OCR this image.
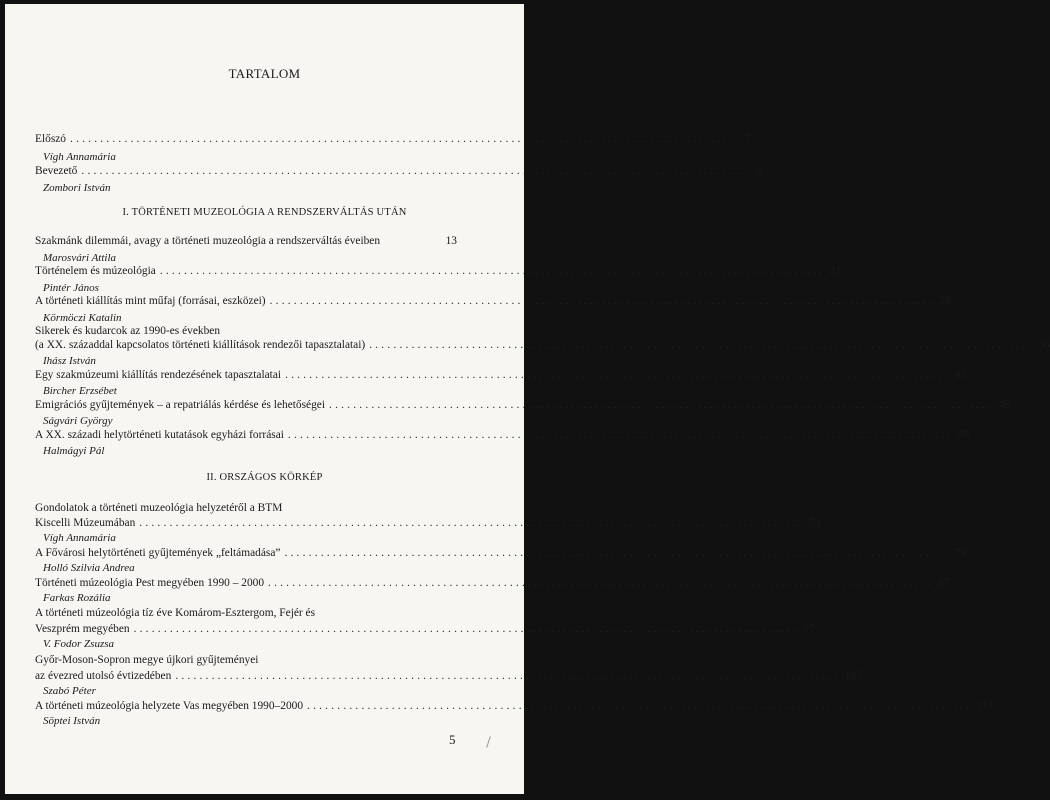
TARTALOM
Előszó .............................................................................................................. 7
Vígh Annamária
Bevezető .............................................................................................................. 9
Zombori István
I. TÖRTÉNETI MUZEOLÓGIA A RENDSZERVÁLTÁS UTÁN
Szakmánk dilemmái, avagy a történeti muzeológia a rendszerváltás éveiben	13
Marosvári Attila
Történelem és múzeológia .............................................................................................................. 21
Pintér János
A történeti kiállítás mint műfaj (forrásai, eszközei) .............................................................................................................. 29
Körmöczi Katalin
Sikerek és kudarcok az 1990-es években
(a XX. századdal kapcsolatos történeti kiállítások rendezői tapasztalatai) .............................................................................................................. 35
Ihász István
Egy szakmúzeumi kiállítás rendezésének tapasztalatai .............................................................................................................. 43
Bircher Erzsébet
Emigrációs gyűjtemények – a repatriálás kérdése és lehetőségei .............................................................................................................. 49
Ságvári György
A XX. századi helytörténeti kutatások egyházi forrásai .............................................................................................................. 59
Halmágyi Pál
II. ORSZÁGOS KÖRKÉP
Gondolatok a történeti muzeológia helyzetéről a BTM
Kiscelli Múzeumában .............................................................................................................. 73
Vígh Annamária
A Fővárosi helytörténeti gyűjtemények „feltámadása” .............................................................................................................. 79
Holló Szilvia Andrea
Történeti múzeológia Pest megyében 1990 – 2000 .............................................................................................................. 87
Farkas Rozália
A történeti múzeológia tíz éve Komárom-Esztergom, Fejér és
Veszprém megyében .............................................................................................................. 97
V. Fodor Zsuzsa
Győr-Moson-Sopron megye újkori gyűjteményei
az évezred utolsó évtizedében .............................................................................................................. 107
Szabó Péter
A történeti múzeológia helyzete Vas megyében 1990–2000 .............................................................................................................. 113
Söptei István
5
